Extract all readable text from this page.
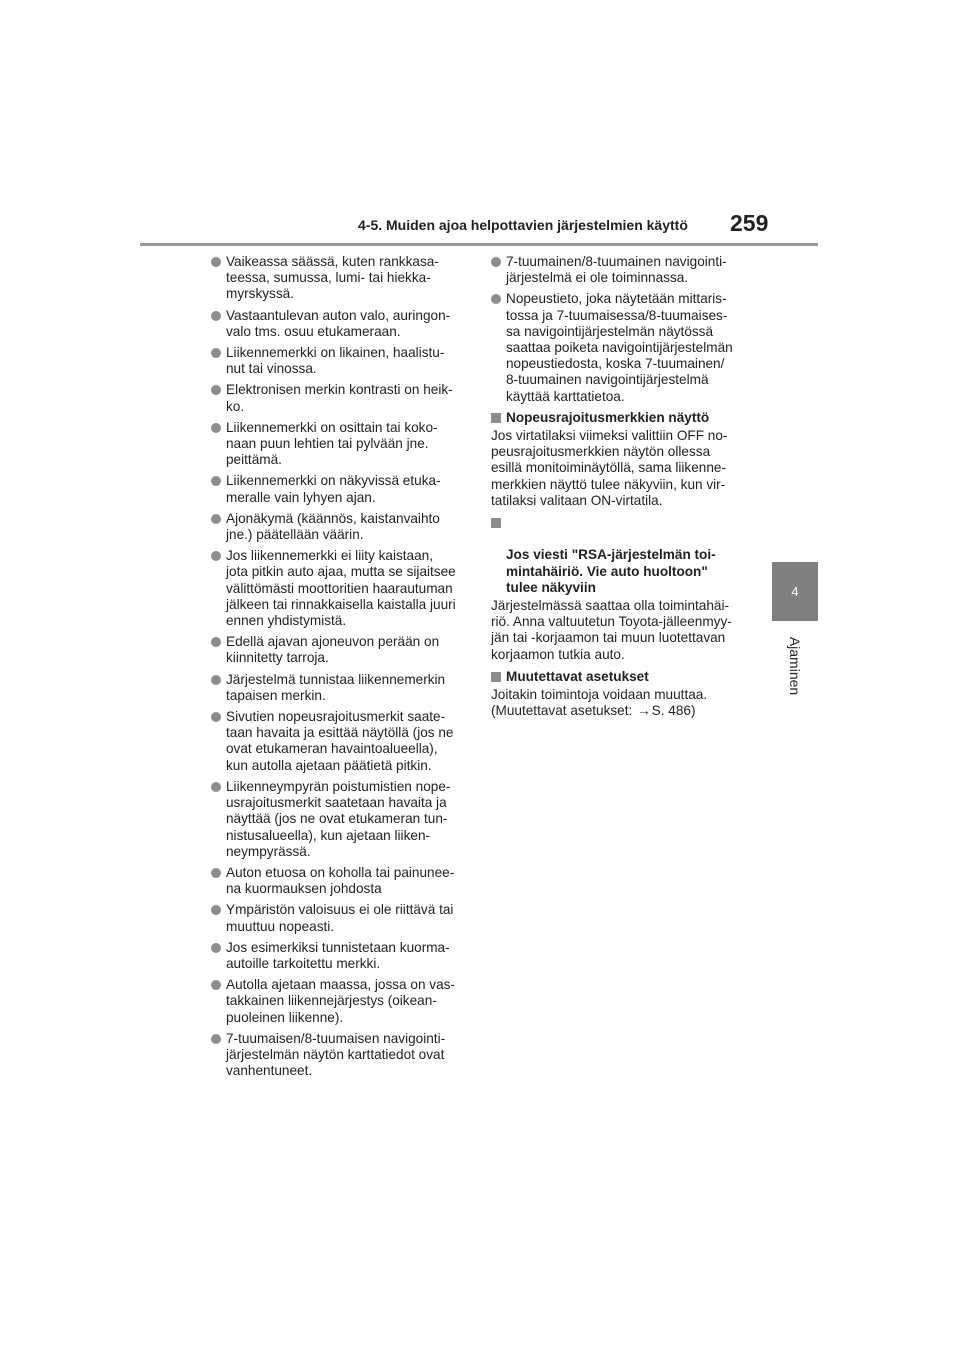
4-5. Muiden ajoa helpottavien järjestelmien käyttö 259
4
Ajaminen
Vaikeassa säässä, kuten rankkasa-
teessa, sumussa, lumi- tai hiekka-
myrskyssä.
Vastaantulevan auton valo, auringon-
valo tms. osuu etukameraan.
Liikennemerkki on likainen, haalistu-
nut tai vinossa.
Elektronisen merkin kontrasti on heik-
ko.
Liikennemerkki on osittain tai koko-
naan puun lehtien tai pylvään jne.
peittämä.
Liikennemerkki on näkyvissä etuka-
meralle vain lyhyen ajan.
Ajonäkymä (käännös, kaistanvaihto
jne.) päätellään väärin.
Jos liikennemerkki ei liity kaistaan,
jota pitkin auto ajaa, mutta se sijaitsee
välittömästi moottoritien haarautuman
jälkeen tai rinnakkaisella kaistalla juuri
ennen yhdistymistä.
Edellä ajavan ajoneuvon perään on
kiinnitetty tarroja.
Järjestelmä tunnistaa liikennemerkin
tapaisen merkin.
Sivutien nopeusrajoitusmerkit saate-
taan havaita ja esittää näytöllä (jos ne
ovat etukameran havaintoalueella),
kun autolla ajetaan päätietä pitkin.
Liikenneympyrän poistumistien nope-
usrajoitusmerkit saatetaan havaita ja
näyttää (jos ne ovat etukameran tun-
nistusalueella), kun ajetaan liiken-
neympyrässä.
Auton etuosa on koholla tai painunee-
na kuormauksen johdosta
Ympäristön valoisuus ei ole riittävä tai
muuttuu nopeasti.
Jos esimerkiksi tunnistetaan kuorma-
autoille tarkoitettu merkki.
Autolla ajetaan maassa, jossa on vas-
takkainen liikennejärjestys (oikean-
puoleinen liikenne).
7-tuumaisen/8-tuumaisen navigointi-
järjestelmän näytön karttatiedot ovat
vanhentuneet.
7-tuumainen/8-tuumainen navigointi-
järjestelmä ei ole toiminnassa.
Nopeustieto, joka näytetään mittaris-
tossa ja 7-tuumaisessa/8-tuumaises-
sa navigointijärjestelmän näytössä
saattaa poiketa navigointijärjestelmän
nopeustiedosta, koska 7-tuumainen/
8-tuumainen navigointijärjestelmä
käyttää karttatietoa.
Nopeusrajoitusmerkkien näyttö
Jos virtatilaksi viimeksi valittiin OFF no-
peusrajoitusmerkkien näytön ollessa
esillä monitoiminäytöllä, sama liikenne-
merkkien näyttö tulee näkyviin, kun vir-
tatilaksi valitaan ON-virtatila.

Jos viesti "RSA-järjestelmän toi-
mintahäiriö. Vie auto huoltoon"
tulee näkyviin

Järjestelmässä saattaa olla toimintahäi-
riö. Anna valtuutetun Toyota-jälleenmyy-
jän tai -korjaamon tai muun luotettavan
korjaamon tutkia auto.
Muutettavat asetukset
Joitakin toimintoja voidaan muuttaa.
(Muutettavat asetukset: →S. 486)
